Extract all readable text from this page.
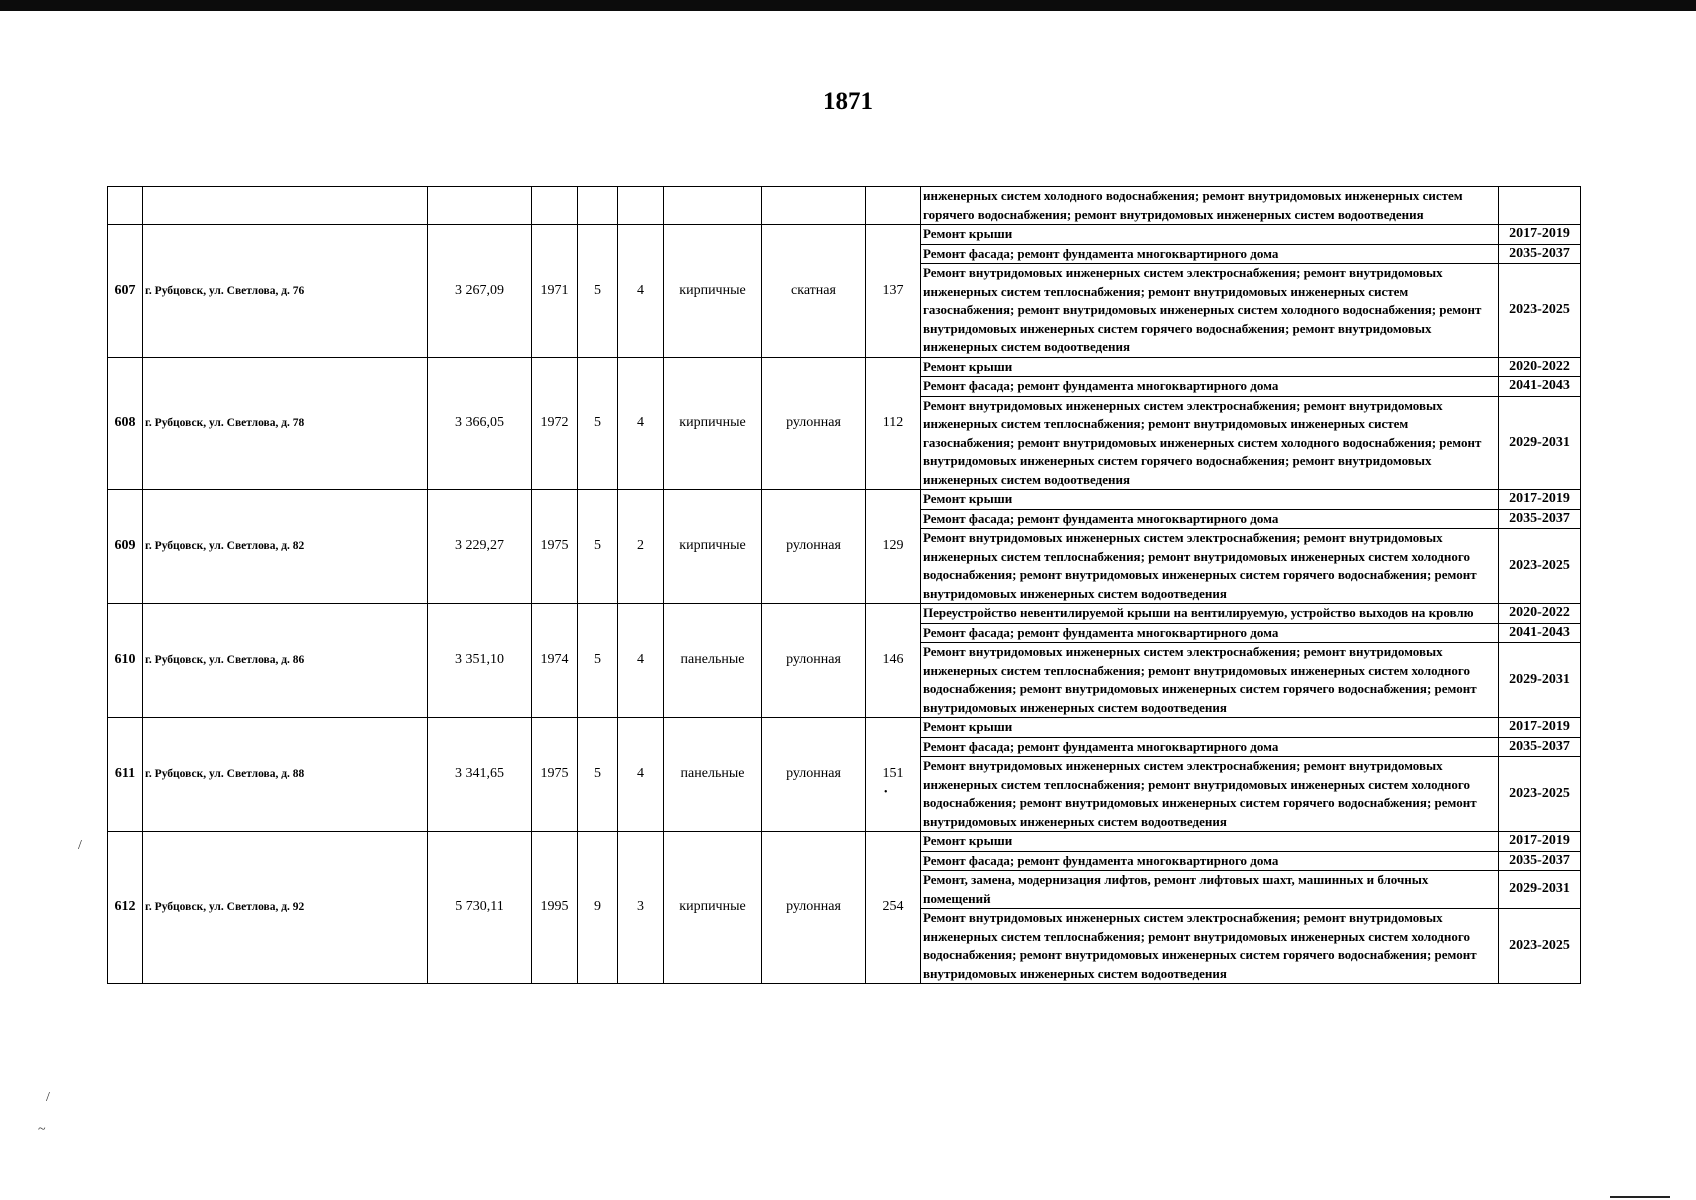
1871
									инженерных систем холодного водоснабжения; ремонт внутридомовых инженерных систем горячего водоснабжения; ремонт внутридомовых инженерных систем водоотведения	
607	г. Рубцовск, ул. Светлова, д. 76	3 267,09	1971	5	4	кирпичные	скатная	137	Ремонт крыши	2017-2019
									Ремонт фасада; ремонт фундамента многоквартирного дома	2035-2037
									Ремонт внутридомовых инженерных систем электроснабжения; ремонт внутридомовых инженерных систем теплоснабжения; ремонт внутридомовых инженерных систем газоснабжения; ремонт внутридомовых инженерных систем холодного водоснабжения; ремонт внутридомовых инженерных систем горячего водоснабжения; ремонт внутридомовых инженерных систем водоотведения	2023-2025
608	г. Рубцовск, ул. Светлова, д. 78	3 366,05	1972	5	4	кирпичные	рулонная	112	Ремонт крыши	2020-2022
									Ремонт фасада; ремонт фундамента многоквартирного дома	2041-2043
									Ремонт внутридомовых инженерных систем электроснабжения; ремонт внутридомовых инженерных систем теплоснабжения; ремонт внутридомовых инженерных систем газоснабжения; ремонт внутридомовых инженерных систем холодного водоснабжения; ремонт внутридомовых инженерных систем горячего водоснабжения; ремонт внутридомовых инженерных систем водоотведения	2029-2031
609	г. Рубцовск, ул. Светлова, д. 82	3 229,27	1975	5	2	кирпичные	рулонная	129	Ремонт крыши	2017-2019
									Ремонт фасада; ремонт фундамента многоквартирного дома	2035-2037
									Ремонт внутридомовых инженерных систем электроснабжения; ремонт внутридомовых инженерных систем теплоснабжения; ремонт внутридомовых инженерных систем холодного водоснабжения; ремонт внутридомовых инженерных систем горячего водоснабжения; ремонт внутридомовых инженерных систем водоотведения	2023-2025
610	г. Рубцовск, ул. Светлова, д. 86	3 351,10	1974	5	4	панельные	рулонная	146	Переустройство невентилируемой крыши на вентилируемую, устройство выходов на кровлю	2020-2022
									Ремонт фасада; ремонт фундамента многоквартирного дома	2041-2043
									Ремонт внутридомовых инженерных систем электроснабжения; ремонт внутридомовых инженерных систем теплоснабжения; ремонт внутридомовых инженерных систем холодного водоснабжения; ремонт внутридомовых инженерных систем горячего водоснабжения; ремонт внутридомовых инженерных систем водоотведения	2029-2031
611	г. Рубцовск, ул. Светлова, д. 88	3 341,65	1975	5	4	панельные	рулонная	151	Ремонт крыши	2017-2019
									Ремонт фасада; ремонт фундамента многоквартирного дома	2035-2037
									Ремонт внутридомовых инженерных систем электроснабжения; ремонт внутридомовых инженерных систем теплоснабжения; ремонт внутридомовых инженерных систем холодного водоснабжения; ремонт внутридомовых инженерных систем горячего водоснабжения; ремонт внутридомовых инженерных систем водоотведения	2023-2025
612	г. Рубцовск, ул. Светлова, д. 92	5 730,11	1995	9	3	кирпичные	рулонная	254	Ремонт крыши	2017-2019
									Ремонт фасада; ремонт фундамента многоквартирного дома	2035-2037
									Ремонт, замена, модернизация лифтов, ремонт лифтовых шахт, машинных и блочных помещений	2029-2031
									Ремонт внутридомовых инженерных систем электроснабжения; ремонт внутридомовых инженерных систем теплоснабжения; ремонт внутридомовых инженерных систем холодного водоснабжения; ремонт внутридомовых инженерных систем горячего водоснабжения; ремонт внутридомовых инженерных систем водоотведения	2023-2025
•
/
/
~
